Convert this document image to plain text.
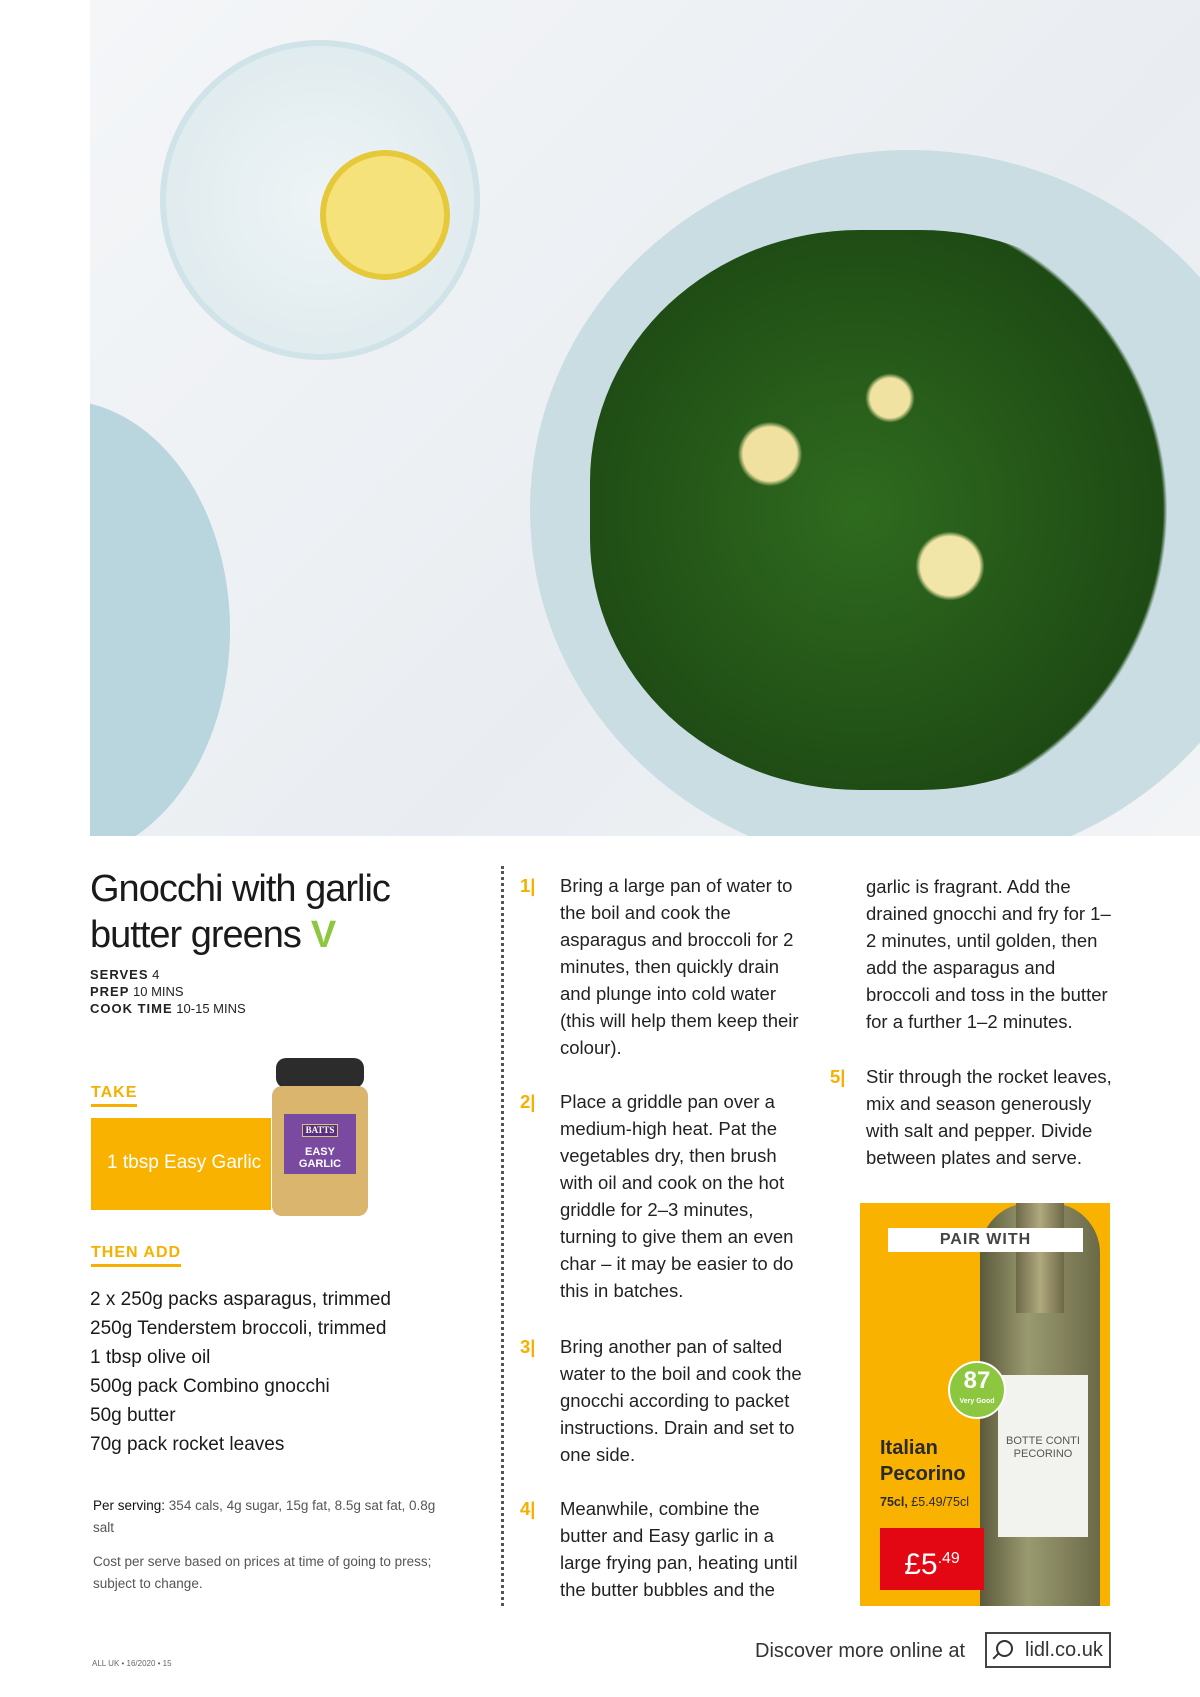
Gnocchi with garlic
butter greens V
SERVES 4
PREP 10 MINS
COOK TIME 10-15 MINS
TAKE
1 tbsp Easy Garlic
BATTS
EASY GARLIC
THEN ADD
2 x 250g packs asparagus, trimmed
250g Tenderstem broccoli, trimmed
1 tbsp olive oil
500g pack Combino gnocchi
50g butter
70g pack rocket leaves

Per serving: 354 cals, 4g sugar, 15g fat, 8.5g sat fat, 0.8g salt

Cost per serve based on prices at time of going to press; subject to change.

ALL UK • 16/2020 • 15
1| Bring a large pan of water to the boil and cook the asparagus and broccoli for 2 minutes, then quickly drain and plunge into cold water (this will help them keep their colour).
2| Place a griddle pan over a medium-high heat. Pat the vegetables dry, then brush with oil and cook on the hot griddle for 2–3 minutes, turning to give them an even char – it may be easier to do this in batches.
3| Bring another pan of salted water to the boil and cook the gnocchi according to packet instructions. Drain and set to one side.
4| Meanwhile, combine the butter and Easy garlic in a large frying pan, heating until the butter bubbles and the
garlic is fragrant. Add the drained gnocchi and fry for 1–2 minutes, until golden, then add the asparagus and broccoli and toss in the butter for a further 1–2 minutes.
5| Stir through the rocket leaves, mix and season generously with salt and pepper. Divide between plates and serve.
BOTTE CONTI PECORINO
PAIR WITH
87
Very Good
Italian Pecorino
75cl, £5.49/75cl
$£5^{.49}$
Discover more online at	lidl.co.uk
